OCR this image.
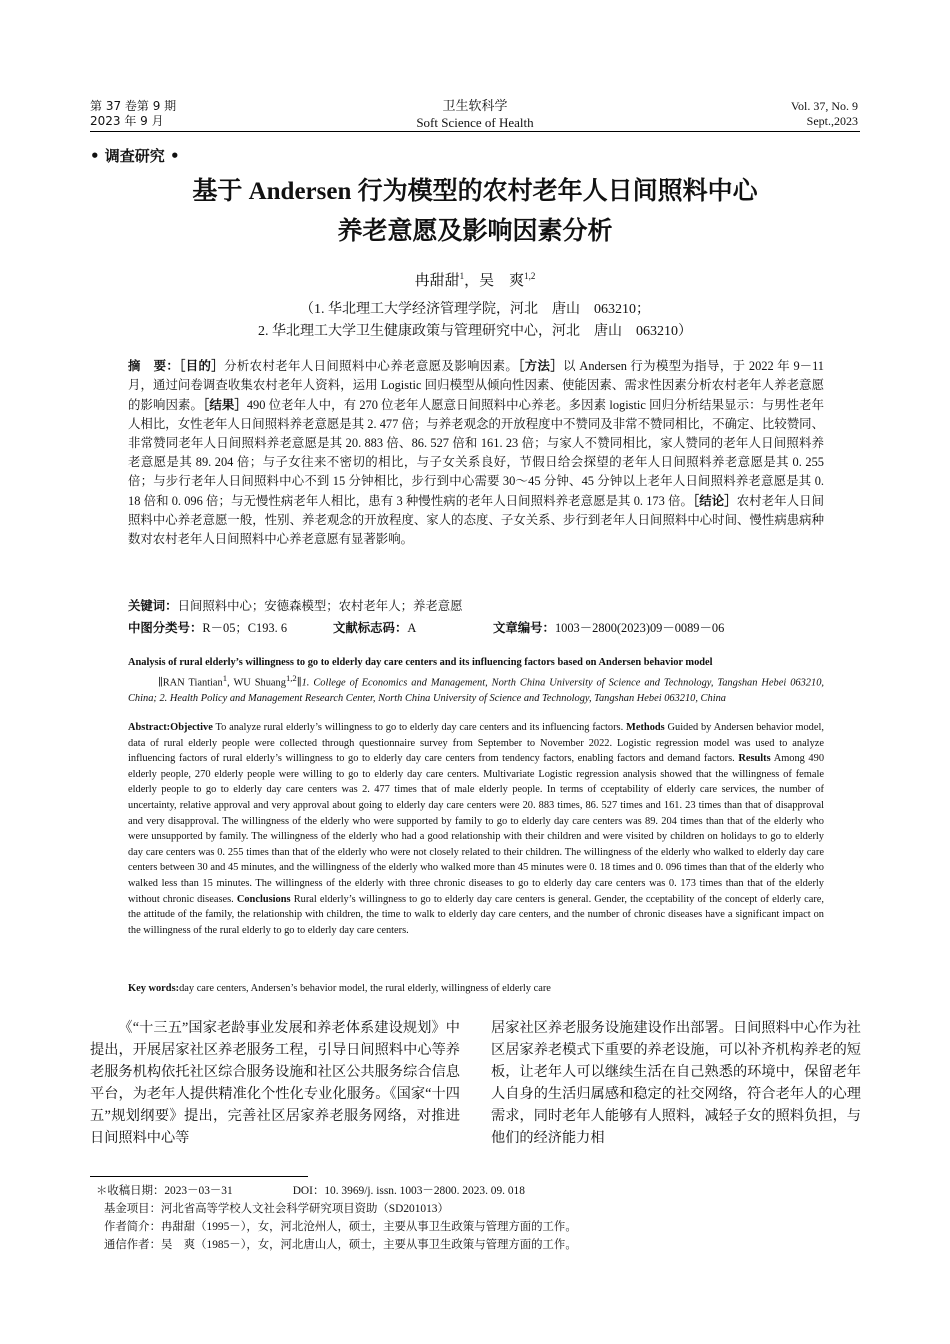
第 37 卷第 9 期
2023 年 9 月
卫生软科学
Soft Science of Health
Vol. 37, No. 9
Sept.,2023
• 调查研究 •
基于 Andersen 行为模型的农村老年人日间照料中心
养老意愿及影响因素分析
冉甜甜$^1$，吴　爽$^{1,2}$
（1. 华北理工大学经济管理学院，河北　唐山　063210；
2. 华北理工大学卫生健康政策与管理研究中心，河北　唐山　063210）
摘　要：［目的］分析农村老年人日间照料中心养老意愿及影响因素。［方法］以 Andersen 行为模型为指导，于 2022 年 9－11 月，通过问卷调查收集农村老年人资料，运用 Logistic 回归模型从倾向性因素、使能因素、需求性因素分析农村老年人养老意愿的影响因素。［结果］490 位老年人中，有 270 位老年人愿意日间照料中心养老。多因素 logistic 回归分析结果显示：与男性老年人相比，女性老年人日间照料养老意愿是其 2. 477 倍；与养老观念的开放程度中不赞同及非常不赞同相比，不确定、比较赞同、非常赞同老年人日间照料养老意愿是其 20. 883 倍、86. 527 倍和 161. 23 倍；与家人不赞同相比，家人赞同的老年人日间照料养老意愿是其 89. 204 倍；与子女往来不密切的相比，与子女关系良好，节假日给会探望的老年人日间照料养老意愿是其 0. 255 倍；与步行老年人日间照料中心不到 15 分钟相比，步行到中心需要 30～45 分钟、45 分钟以上老年人日间照料养老意愿是其 0. 18 倍和 0. 096 倍；与无慢性病老年人相比，患有 3 种慢性病的老年人日间照料养老意愿是其 0. 173 倍。［结论］农村老年人日间照料中心养老意愿一般，性别、养老观念的开放程度、家人的态度、子女关系、步行到老年人日间照料中心时间、慢性病患病种数对农村老年人日间照料中心养老意愿有显著影响。
关键词：日间照料中心；安德森模型；农村老年人；养老意愿
中图分类号：R－05；C193. 6	文献标志码：A	文章编号：1003－2800(2023)09－0089－06
Analysis of rural elderly’s willingness to go to elderly day care centers and its influencing factors based on Andersen behavior model
∥RAN Tiantian$^1$, WU Shuang$^{1,2}$∥1. College of Economics and Management, North China University of Science and Technology, Tangshan Hebei 063210, China; 2. Health Policy and Management Research Center, North China University of Science and Technology, Tangshan Hebei 063210, China
Abstract:Objective To analyze rural elderly’s willingness to go to elderly day care centers and its influencing factors. Methods Guided by Andersen behavior model, data of rural elderly people were collected through questionnaire survey from September to November 2022. Logistic regression model was used to analyze influencing factors of rural elderly’s willingness to go to elderly day care centers from tendency factors, enabling factors and demand factors. Results Among 490 elderly people, 270 elderly people were willing to go to elderly day care centers. Multivariate Logistic regression analysis showed that the willingness of female elderly people to go to elderly day care centers was 2. 477 times that of male elderly people. In terms of cceptability of elderly care services, the number of uncertainty, relative approval and very approval about going to elderly day care centers were 20. 883 times, 86. 527 times and 161. 23 times than that of disapproval and very disapproval. The willingness of the elderly who were supported by family to go to elderly day care centers was 89. 204 times than that of the elderly who were unsupported by family. The willingness of the elderly who had a good relationship with their children and were visited by children on holidays to go to elderly day care centers was 0. 255 times than that of the elderly who were not closely related to their children. The willingness of the elderly who walked to elderly day care centers between 30 and 45 minutes, and the willingness of the elderly who walked more than 45 minutes were 0. 18 times and 0. 096 times than that of the elderly who walked less than 15 minutes. The willingness of the elderly with three chronic diseases to go to elderly day care centers was 0. 173 times than that of the elderly without chronic diseases. Conclusions Rural elderly’s willingness to go to elderly day care centers is general. Gender, the cceptability of the concept of elderly care, the attitude of the family, the relationship with children, the time to walk to elderly day care centers, and the number of chronic diseases have a significant impact on the willingness of the rural elderly to go to elderly day care centers.
Key words:day care centers, Andersen’s behavior model, the rural elderly, willingness of elderly care
《“十三五”国家老龄事业发展和养老体系建设规划》中提出，开展居家社区养老服务工程，引导日间照料中心等养老服务机构依托社区综合服务设施和社区公共服务综合信息平台，为老年人提供精准化个性化专业化服务。《国家“十四五”规划纲要》提出，完善社区居家养老服务网络，对推进日间照料中心等
居家社区养老服务设施建设作出部署。日间照料中心作为社区居家养老模式下重要的养老设施，可以补齐机构养老的短板，让老年人可以继续生活在自己熟悉的环境中，保留老年人自身的生活归属感和稳定的社交网络，符合老年人的心理需求，同时老年人能够有人照料，减轻子女的照料负担，与他们的经济能力相
＊收稿日期：2023－03－31	DOI：10. 3969/j. issn. 1003－2800. 2023. 09. 018
基金项目：河北省高等学校人文社会科学研究项目资助（SD201013）
作者简介：冉甜甜（1995－），女，河北沧州人，硕士，主要从事卫生政策与管理方面的工作。
通信作者：吴　爽（1985－），女，河北唐山人，硕士，主要从事卫生政策与管理方面的工作。
